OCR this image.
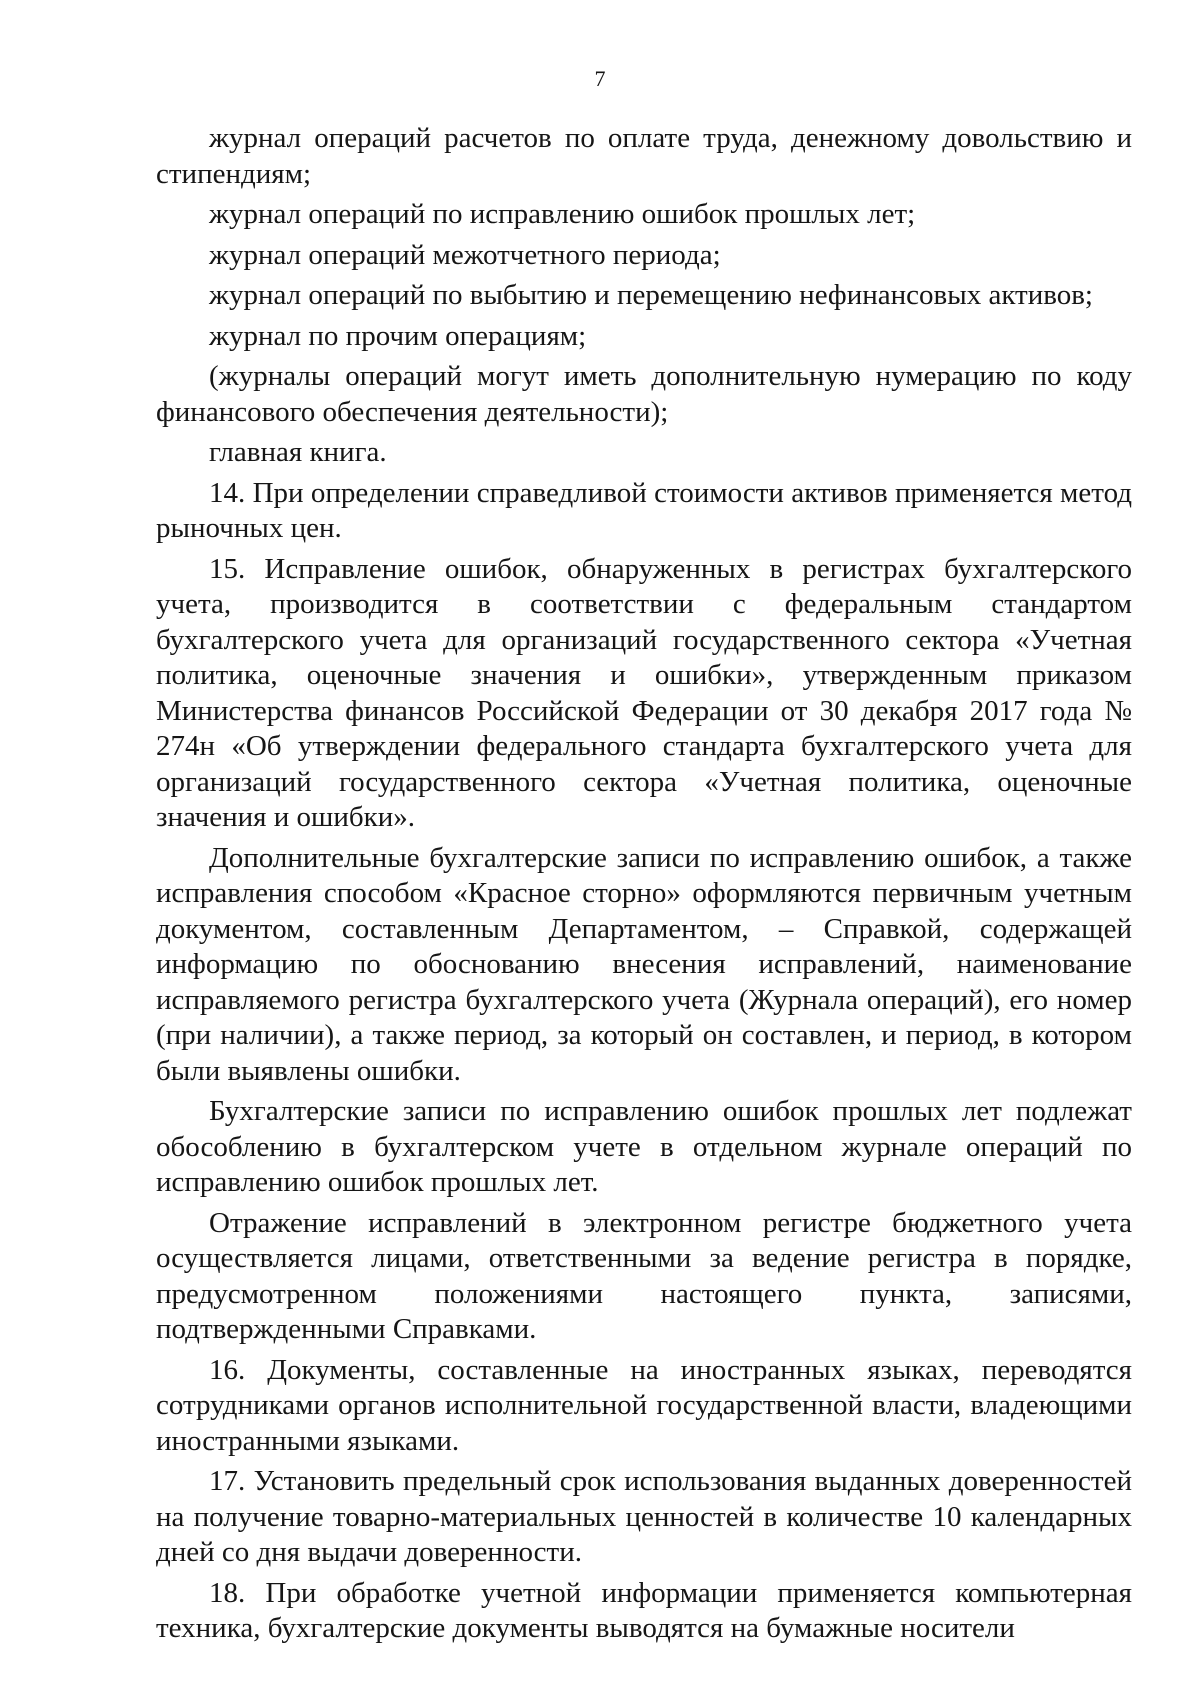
7

журнал операций расчетов по оплате труда, денежному довольствию и стипендиям;

журнал операций по исправлению ошибок прошлых лет;

журнал операций межотчетного периода;

журнал операций по выбытию и перемещению нефинансовых активов;

журнал по прочим операциям;

(журналы операций могут иметь дополнительную нумерацию по коду финансового обеспечения деятельности);

главная книга.

14. При определении справедливой стоимости активов применяется метод рыночных цен.

15. Исправление ошибок, обнаруженных в регистрах бухгалтерского учета, производится в соответствии с федеральным стандартом бухгалтерского учета для организаций государственного сектора «Учетная политика, оценочные значения и ошибки», утвержденным приказом Министерства финансов Российской Федерации от 30 декабря 2017 года № 274н «Об утверждении федерального стандарта бухгалтерского учета для организаций государственного сектора «Учетная политика, оценочные значения и ошибки».

Дополнительные бухгалтерские записи по исправлению ошибок, а также исправления способом «Красное сторно» оформляются первичным учетным документом, составленным Департаментом, – Справкой, содержащей информацию по обоснованию внесения исправлений, наименование исправляемого регистра бухгалтерского учета (Журнала операций), его номер (при наличии), а также период, за который он составлен, и период, в котором были выявлены ошибки.

Бухгалтерские записи по исправлению ошибок прошлых лет подлежат обособлению в бухгалтерском учете в отдельном журнале операций по исправлению ошибок прошлых лет.

Отражение исправлений в электронном регистре бюджетного учета осуществляется лицами, ответственными за ведение регистра в порядке, предусмотренном положениями настоящего пункта, записями, подтвержденными Справками.

16. Документы, составленные на иностранных языках, переводятся сотрудниками органов исполнительной государственной власти, владеющими иностранными языками.

17. Установить предельный срок использования выданных доверенностей на получение товарно-материальных ценностей в количестве 10 календарных дней со дня выдачи доверенности.

18. При обработке учетной информации применяется компьютерная техника, бухгалтерские документы выводятся на бумажные носители
